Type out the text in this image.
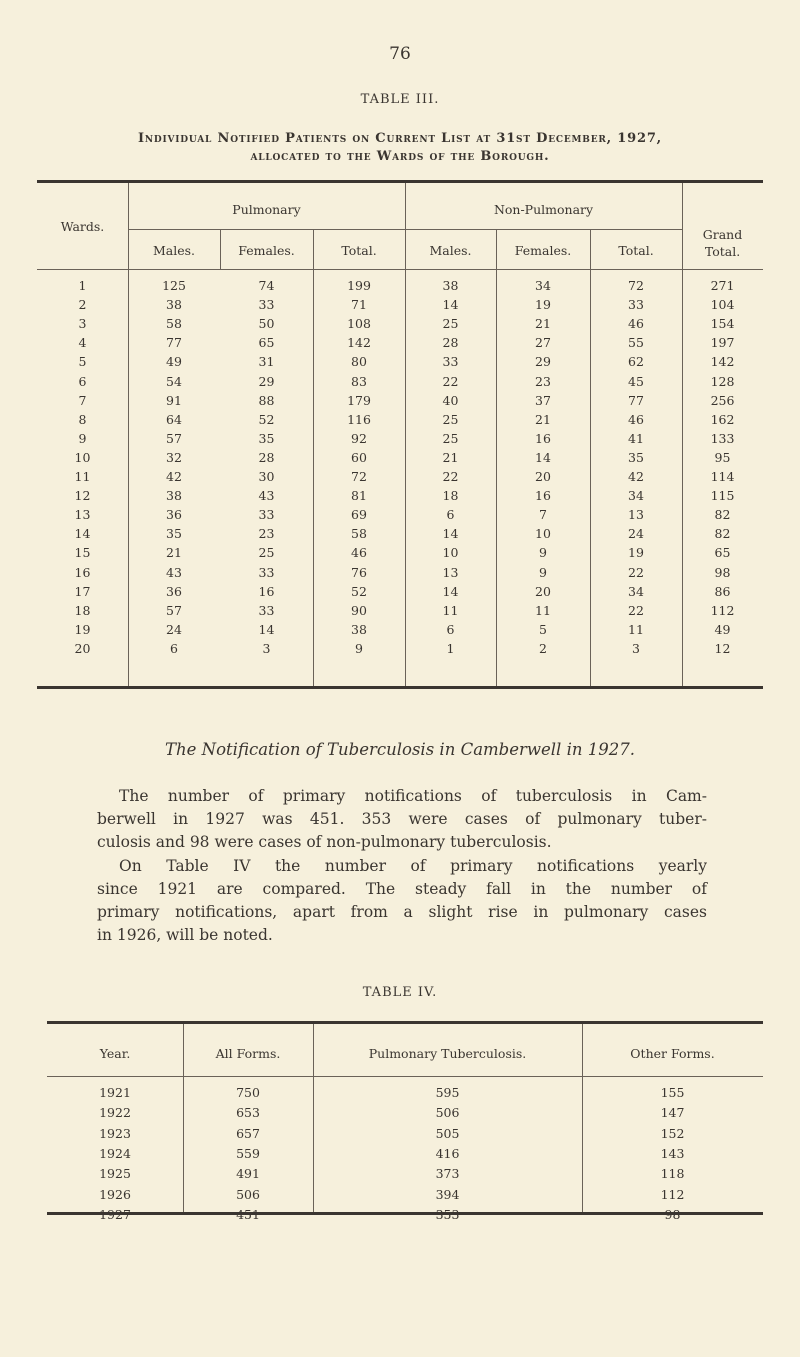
76
TABLE III.
Individual Notified Patients on Current List at 31st December, 1927,
allocated to the Wards of the Borough.
Wards.
Pulmonary	Non-Pulmonary
Grand
Total.
Males.	Females.	Total.	Males.	Females.	Total.
1	125	74	199	38	34	72	271
2	38	33	71	14	19	33	104
3	58	50	108	25	21	46	154
4	77	65	142	28	27	55	197
5	49	31	80	33	29	62	142
6	54	29	83	22	23	45	128
7	91	88	179	40	37	77	256
8	64	52	116	25	21	46	162
9	57	35	92	25	16	41	133
10	32	28	60	21	14	35	95
11	42	30	72	22	20	42	114
12	38	43	81	18	16	34	115
13	36	33	69	6	7	13	82
14	35	23	58	14	10	24	82
15	21	25	46	10	9	19	65
16	43	33	76	13	9	22	98
17	36	16	52	14	20	34	86
18	57	33	90	11	11	22	112
19	24	14	38	6	5	11	49
20	6	3	9	1	2	3	12
The Notification of Tuberculosis in Camberwell in 1927.
The number of primary notifications of tuberculosis in Cam-
berwell in 1927 was 451. 353 were cases of pulmonary tuber-
culosis and 98 were cases of non-pulmonary tuberculosis.
On Table IV the number of primary notifications yearly
since 1921 are compared. The steady fall in the number of
primary notifications, apart from a slight rise in pulmonary cases
in 1926, will be noted.
TABLE IV.
Year.	All Forms.	Pulmonary Tuberculosis.	Other Forms.
1921	750	595	155
1922	653	506	147
1923	657	505	152
1924	559	416	143
1925	491	373	118
1926	506	394	112
1927	451	353	98
